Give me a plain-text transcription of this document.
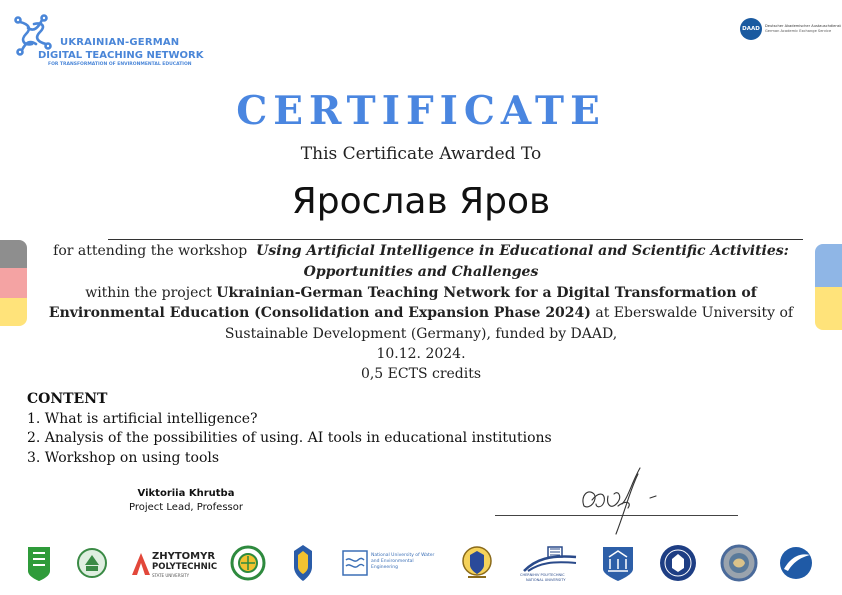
UKRAINIAN-GERMAN
DIGITAL TEACHING NETWORK
FOR TRANSFORMATION OF ENVIRONMENTAL EDUCATION
DAAD	Deutscher Akademischer Austauschdienst
German Academic Exchange Service
CERTIFICATE
This Certificate Awarded To
Ярослав Яров
for attending the workshop Using Artificial Intelligence in Educational and Scientific Activities:
Opportunities and Challenges
within the project Ukrainian-German Teaching Network for a Digital Transformation of
Environmental Education (Consolidation and Expansion Phase 2024) at Eberswalde University of
Sustainable Development (Germany), funded by DAAD,
10.12. 2024.
0,5 ECTS credits
CONTENT
1. What is artificial intelligence?
2. Analysis of the possibilities of using. AI tools in educational institutions
3. Workshop on using tools
Viktoriia Khrutba
Project Lead, Professor
ZHYTOMYR
POLYTECHNIC
STATE UNIVERSITY
National University of Water
and Environmental
Engineering
CHERNIHIV POLYTECHNIC
NATIONAL UNIVERSITY
